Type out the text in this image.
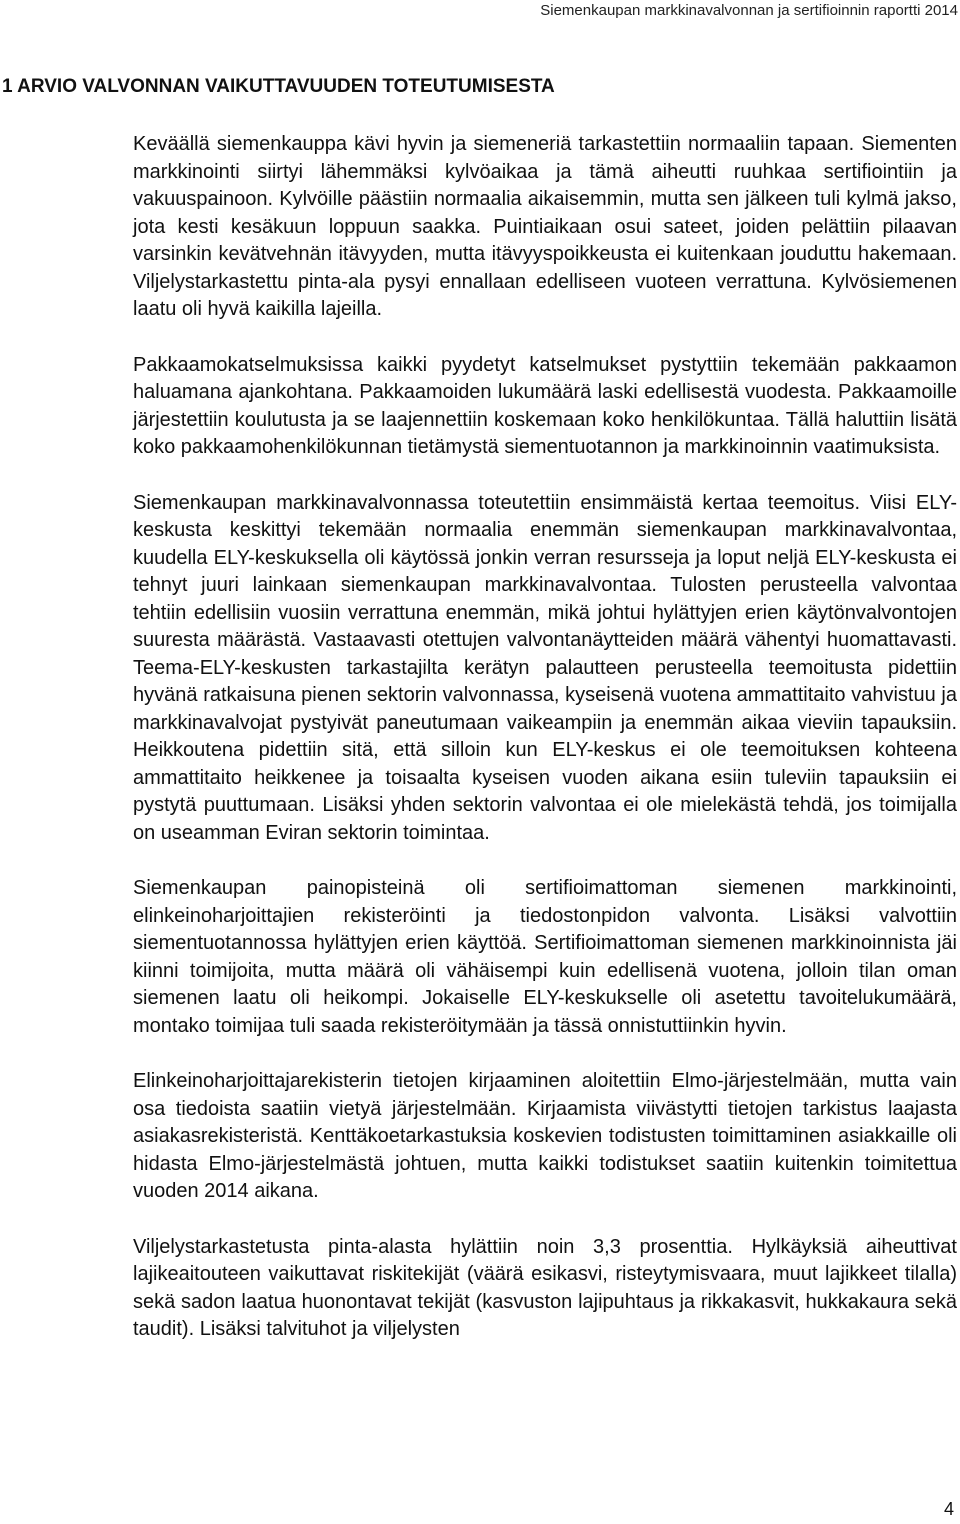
Siemenkaupan markkinavalvonnan ja sertifioinnin raportti 2014
1 ARVIO VALVONNAN VAIKUTTAVUUDEN TOTEUTUMISESTA

Keväällä siemenkauppa kävi hyvin ja siemeneriä tarkastettiin normaaliin tapaan. Siementen markkinointi siirtyi lähemmäksi kylvöaikaa ja tämä aiheutti ruuhkaa sertifiointiin ja vakuuspainoon. Kylvöille päästiin normaalia aikaisemmin, mutta sen jälkeen tuli kylmä jakso, jota kesti kesäkuun loppuun saakka. Puintiaikaan osui sateet, joiden pelättiin pilaavan varsinkin kevätvehnän itävyyden, mutta itävyyspoikkeusta ei kuitenkaan jouduttu hakemaan. Viljelystarkastettu pinta-ala pysyi ennallaan edelliseen vuoteen verrattuna. Kylvösiemenen laatu oli hyvä kaikilla lajeilla.

Pakkaamokatselmuksissa kaikki pyydetyt katselmukset pystyttiin tekemään pakkaamon haluamana ajankohtana. Pakkaamoiden lukumäärä laski edellisestä vuodesta. Pakkaamoille järjestettiin koulutusta ja se laajennettiin koskemaan koko henkilökuntaa. Tällä haluttiin lisätä koko pakkaamohenkilökunnan tietämystä siementuotannon ja markkinoinnin vaatimuksista.

Siemenkaupan markkinavalvonnassa toteutettiin ensimmäistä kertaa teemoitus. Viisi ELY-keskusta keskittyi tekemään normaalia enemmän siemenkaupan markkinavalvontaa, kuudella ELY-keskuksella oli käytössä jonkin verran resursseja ja loput neljä ELY-keskusta ei tehnyt juuri lainkaan siemenkaupan markkinavalvontaa. Tulosten perusteella valvontaa tehtiin edellisiin vuosiin verrattuna enemmän, mikä johtui hylättyjen erien käytönvalvontojen suuresta määrästä. Vastaavasti otettujen valvontanäytteiden määrä vähentyi huomattavasti. Teema-ELY-keskusten tarkastajilta kerätyn palautteen perusteella teemoitusta pidettiin hyvänä ratkaisuna pienen sektorin valvonnassa, kyseisenä vuotena ammattitaito vahvistuu ja markkinavalvojat pystyivät paneutumaan vaikeampiin ja enemmän aikaa vieviin tapauksiin. Heikkoutena pidettiin sitä, että silloin kun ELY-keskus ei ole teemoituksen kohteena ammattitaito heikkenee ja toisaalta kyseisen vuoden aikana esiin tuleviin tapauksiin ei pystytä puuttumaan. Lisäksi yhden sektorin valvontaa ei ole mielekästä tehdä, jos toimijalla on useamman Eviran sektorin toimintaa.

Siemenkaupan painopisteinä oli sertifioimattoman siemenen markkinointi, elinkeinoharjoittajien rekisteröinti ja tiedostonpidon valvonta. Lisäksi valvottiin siementuotannossa hylättyjen erien käyttöä. Sertifioimattoman siemenen markkinoinnista jäi kiinni toimijoita, mutta määrä oli vähäisempi kuin edellisenä vuotena, jolloin tilan oman siemenen laatu oli heikompi. Jokaiselle ELY-keskukselle oli asetettu tavoitelukumäärä, montako toimijaa tuli saada rekisteröitymään ja tässä onnistuttiinkin hyvin.

Elinkeinoharjoittajarekisterin tietojen kirjaaminen aloitettiin Elmo-järjestelmään, mutta vain osa tiedoista saatiin vietyä järjestelmään. Kirjaamista viivästytti tietojen tarkistus laajasta asiakasrekisteristä. Kenttäkoetarkastuksia koskevien todistusten toimittaminen asiakkaille oli hidasta Elmo-järjestelmästä johtuen, mutta kaikki todistukset saatiin kuitenkin toimitettua vuoden 2014 aikana.

Viljelystarkastetusta pinta-alasta hylättiin noin 3,3 prosenttia. Hylkäyksiä aiheuttivat lajikeaitouteen vaikuttavat riskitekijät (väärä esikasvi, risteytymisvaara, muut lajikkeet tilalla) sekä sadon laatua huonontavat tekijät (kasvuston lajipuhtaus ja rikkakasvit, hukkakaura sekä taudit). Lisäksi talvituhot ja viljelysten

4
